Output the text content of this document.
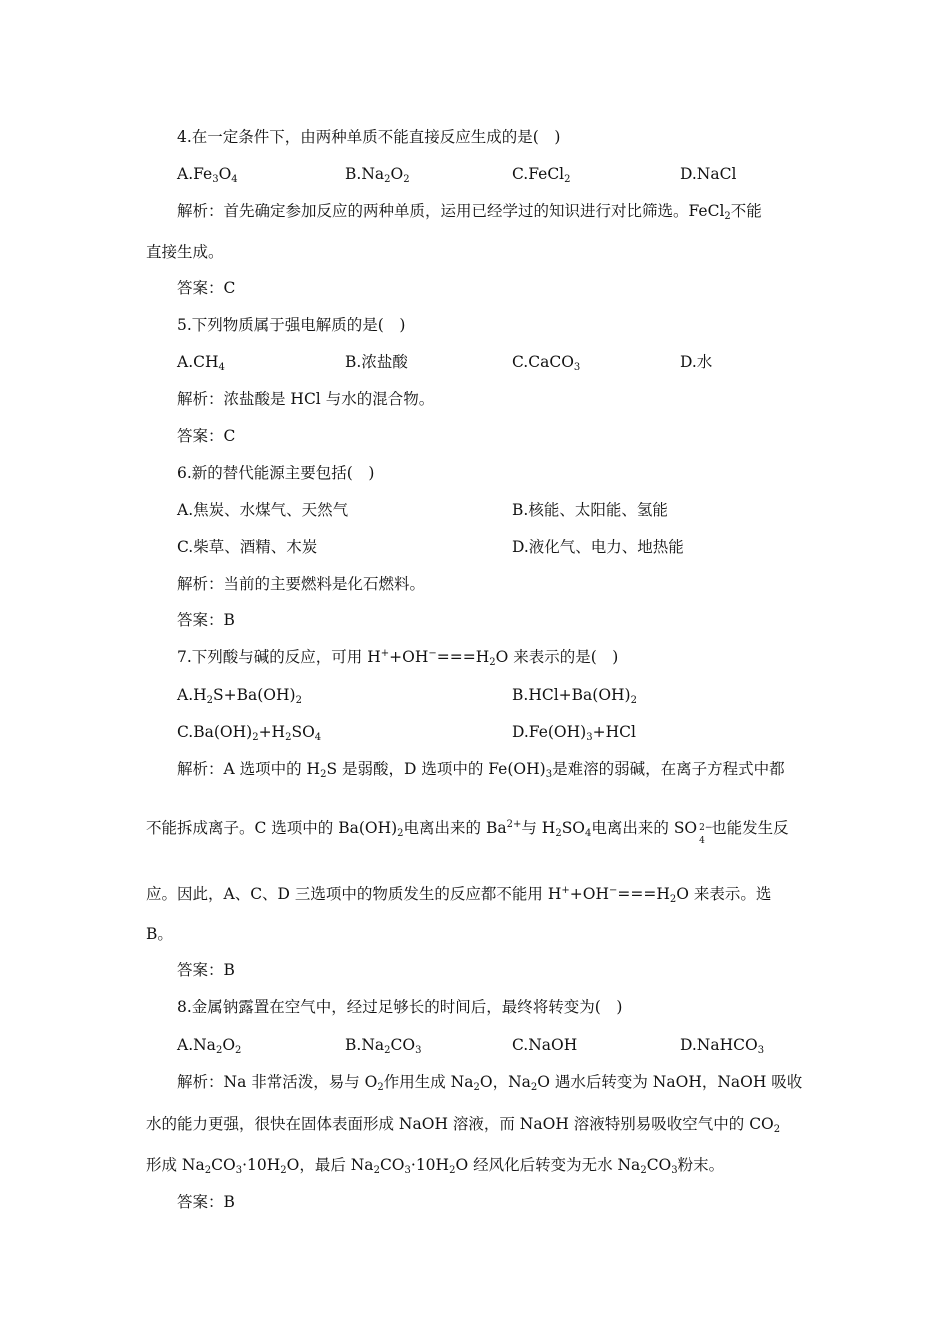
4.在一定条件下，由两种单质不能直接反应生成的是(　)
$A.Fe_3O_4$	$B.Na_2O_2$	C.FeCl$_2$	D.NaCl
解析：首先确定参加反应的两种单质，运用已经学过的知识进行对比筛选。FeCl$_2$不能
直接生成。
答案：C
5.下列物质属于强电解质的是(　)
$A.CH_4$	B.浓盐酸	C.CaCO$_3$	D.水
解析：浓盐酸是 HCl 与水的混合物。
答案：C
6.新的替代能源主要包括(　)
A.焦炭、水煤气、天然气	B.核能、太阳能、氢能
C.柴草、酒精、木炭	D.液化气、电力、地热能
解析：当前的主要燃料是化石燃料。
答案：B
7.下列酸与碱的反应，可用 $H^++OH^-===H_2O$ 来表示的是(　)
$A.H_2S+Ba(OH)_2$	$B.HCl+Ba(OH)_2$
$C.Ba(OH)_2+H_2SO_4$	$D.Fe(OH)_3+HCl$
解析：A 选项中的 $H_2S$ 是弱酸，D 选项中的 $Fe(OH)_3$是难溶的弱碱，在离子方程式中都
不能拆成离子。C 选项中的 $Ba(OH)_2$电离出来的 $Ba^{2+}$与 $H_2SO_4$电离出来的 SO 2−
4
也能发生反
应。因此，A、C、D 三选项中的物质发生的反应都不能用 $H^++OH^-===H_2O$ 来表示。选
B。
答案：B
8.金属钠露置在空气中，经过足够长的时间后，最终将转变为(　)
$A.Na_2O_2$	$B.Na_2CO_3$	C.NaOH	D.NaHCO$_3$
解析：Na 非常活泼，易与 $O_2$作用生成 $Na_2O$，$Na_2O$ 遇水后转变为 NaOH，NaOH 吸收
水的能力更强，很快在固体表面形成 NaOH 溶液，而 NaOH 溶液特别易吸收空气中的 $CO_2$
形成 $Na_2CO_3\cdot 10H_2O$，最后 $Na_2CO_3\cdot 10H_2O$ 经风化后转变为无水 $Na_2CO_3$粉末。
答案：B
